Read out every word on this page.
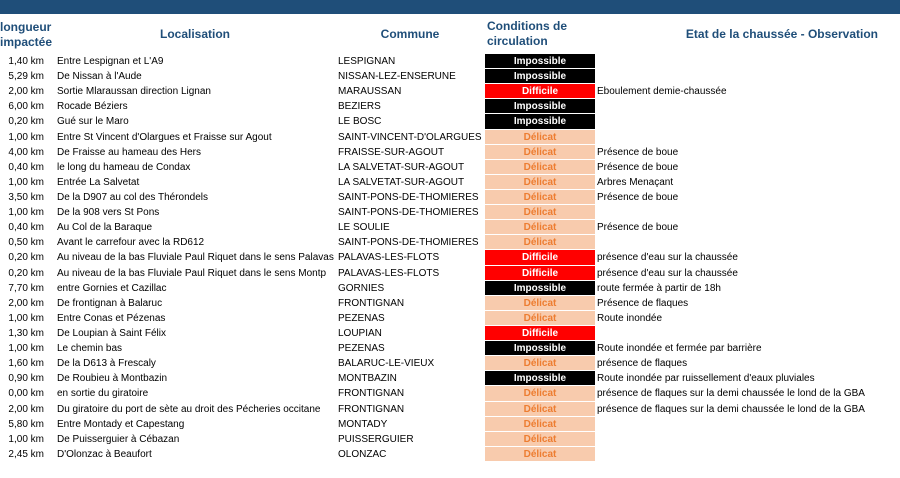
longueur
impactée
Localisation	Commune
Conditions de
circulation	Etat de la chaussée - Observation
1,40 km Entre Lespignan et L'A9	LESPIGNAN	Impossible
5,29 km De Nissan à l'Aude	NISSAN-LEZ-ENSERUNE	Impossible
2,00 km Sortie Mlaraussan direction Lignan	MARAUSSAN	Difficile	Eboulement demie-chaussée
6,00 km Rocade Béziers	BEZIERS	Impossible
0,20 km Gué sur le Maro	LE BOSC	Impossible
1,00 km Entre St Vincent d'Olargues et Fraisse sur Agout	SAINT-VINCENT-D'OLARGUES	Délicat
4,00 km De Fraisse au hameau des Hers	FRAISSE-SUR-AGOUT	Délicat	Présence de boue
0,40 km le long du hameau de Condax	LA SALVETAT-SUR-AGOUT	Délicat	Présence de boue
1,00 km Entrée La Salvetat	LA SALVETAT-SUR-AGOUT	Délicat	Arbres Menaçant
3,50 km De la D907 au col des Thérondels	SAINT-PONS-DE-THOMIERES	Délicat	Présence de boue
1,00 km De la 908 vers St Pons	SAINT-PONS-DE-THOMIERES	Délicat
0,40 km Au Col de la Baraque	LE SOULIE	Délicat	Présence de boue
0,50 km Avant le carrefour avec la RD612	SAINT-PONS-DE-THOMIERES	Délicat
0,20 km Au niveau de la bas Fluviale Paul Riquet dans le sens Palavas PALAVAS-LES-FLOTS	Difficile	présence d'eau sur la chaussée
0,20 km Au niveau de la bas Fluviale Paul Riquet dans le sens Montp	PALAVAS-LES-FLOTS	Difficile	présence d'eau sur la chaussée
7,70 km entre Gornies et Cazillac	GORNIES	Impossible	route fermée à partir de 18h
2,00 km De frontignan à Balaruc	FRONTIGNAN	Délicat	Présence de flaques
1,00 km Entre Conas et Pézenas	PEZENAS	Délicat	Route inondée
1,30 km De Loupian à Saint Félix	LOUPIAN	Difficile
1,00 km Le chemin bas	PEZENAS	Impossible	Route inondée et fermée par barrière
1,60 km De la D613 à Frescaly	BALARUC-LE-VIEUX	Délicat	présence de flaques
0,90 km De Roubieu à Montbazin	MONTBAZIN	Impossible	Route inondée par ruissellement d'eaux pluviales
0,00 km en sortie du giratoire	FRONTIGNAN	Délicat	présence de flaques sur la demi chaussée le lond de la GBA
2,00 km Du giratoire du port de sète au droit des Pécheries occitane	FRONTIGNAN	Délicat	présence de flaques sur la demi chaussée le lond de la GBA
5,80 km Entre Montady et Capestang	MONTADY	Délicat
1,00 km De Puisserguier à Cébazan	PUISSERGUIER	Délicat
2,45 km D'Olonzac à Beaufort	OLONZAC	Délicat
